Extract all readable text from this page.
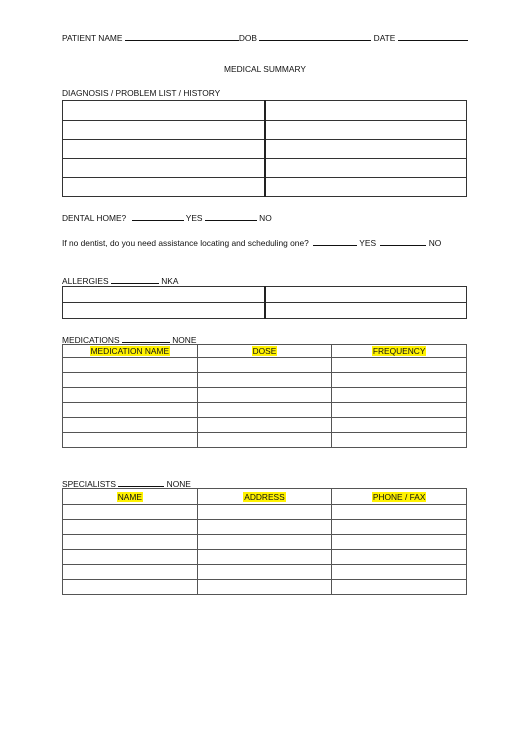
PATIENT NAME	DOB	DATE
MEDICAL SUMMARY
DIAGNOSIS / PROBLEM LIST / HISTORY

DENTAL HOME?	YES	NO
If no dentist, do you need assistance locating and scheduling one?	YES	NO
ALLERGIES	NKA

MEDICATIONS	NONE
MEDICATION NAME	DOSE	FREQUENCY

SPECIALISTS	NONE
NAME	ADDRESS	PHONE / FAX
